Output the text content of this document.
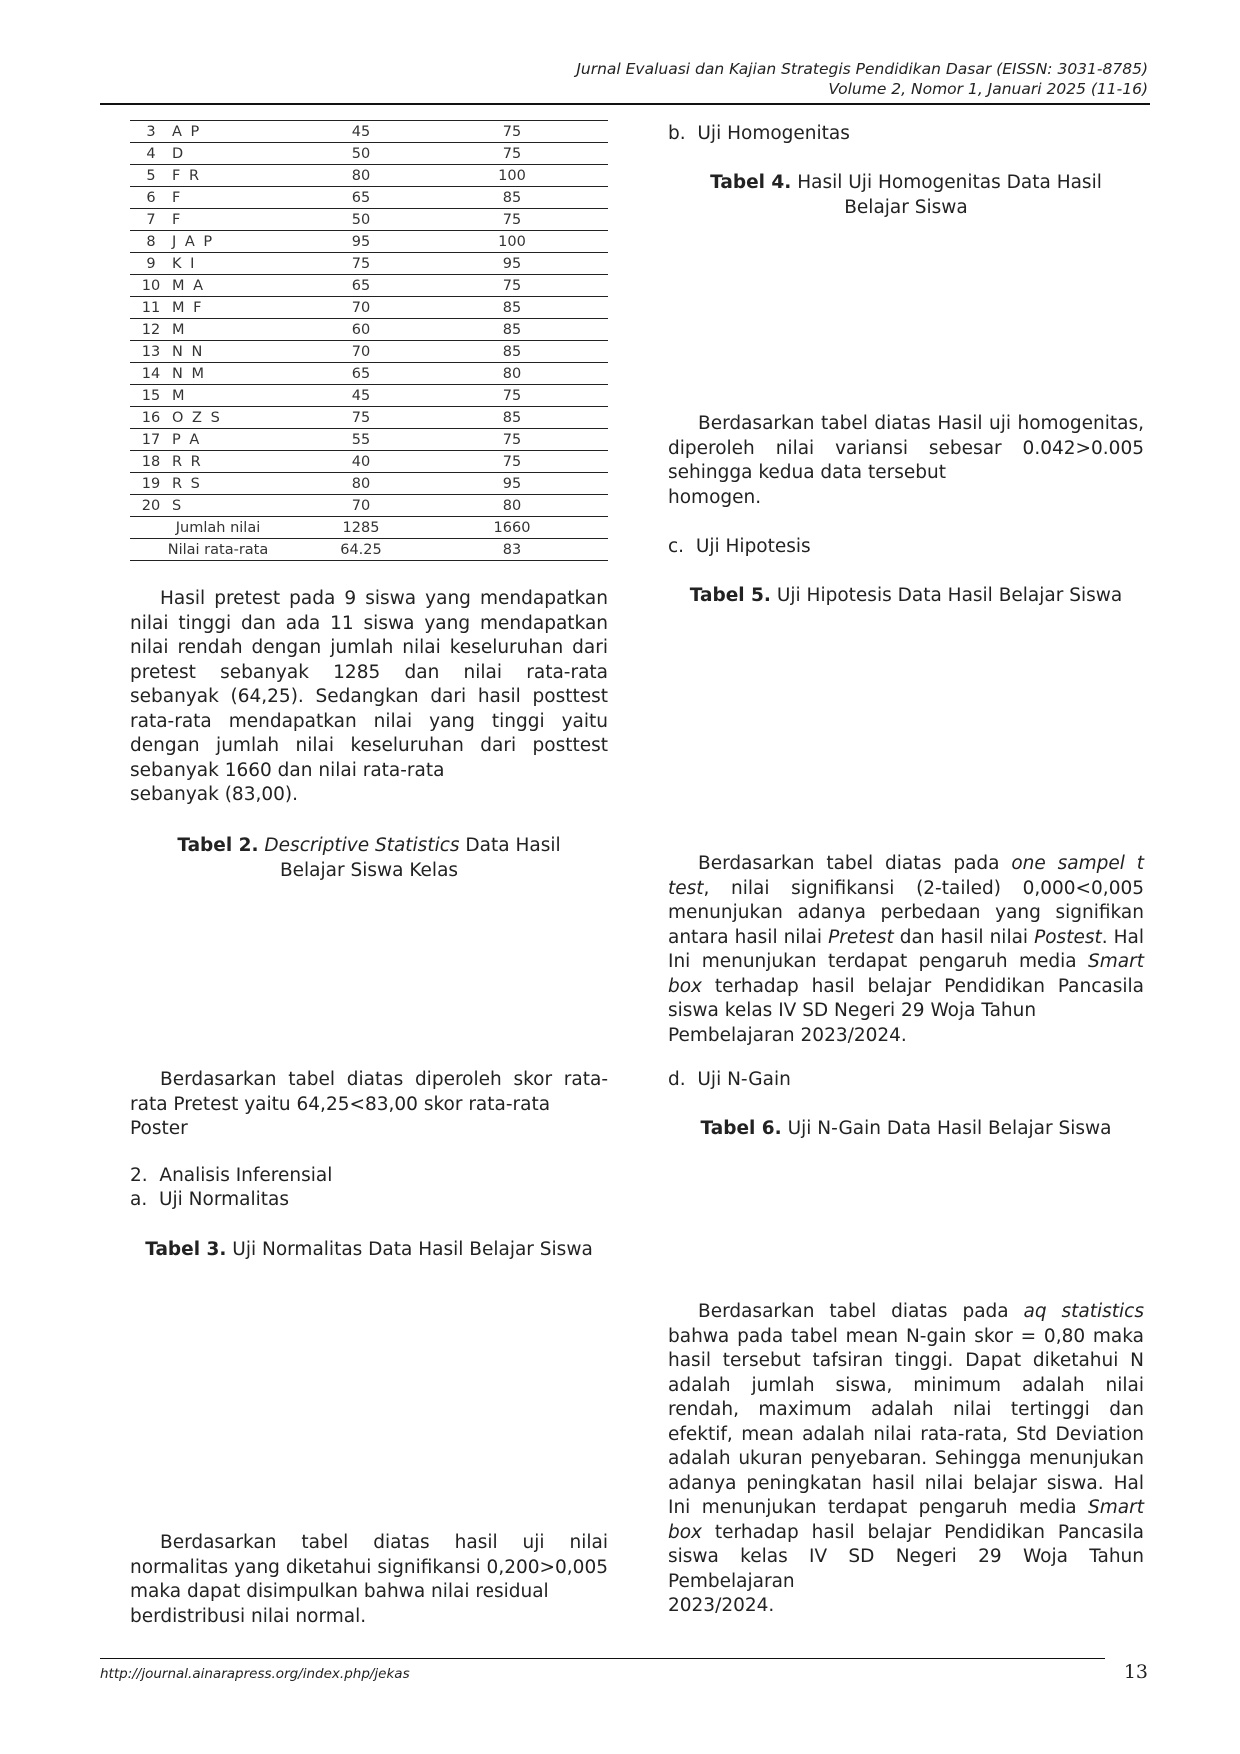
Jurnal Evaluasi dan Kajian Strategis Pendidikan Dasar (EISSN: 3031-8785)
Volume 2, Nomor 1, Januari 2025 (11-16)
3	A P	45	75
4	D	50	75
5	F R	80	100
6	F	65	85
7	F	50	75
8	J A P	95	100
9	K I	75	95
10	M A	65	75
11	M F	70	85
12	M	60	85
13	N N	70	85
14	N M	65	80
15	M	45	75
16	O Z S	75	85
17	P A	55	75
18	R R	40	75
19	R S	80	95
20	S	70	80
Jumlah nilai		1285	1660
Nilai rata-rata		64.25	83
Hasil pretest pada 9 siswa yang mendapatkan nilai tinggi dan ada 11 siswa yang mendapatkan nilai rendah dengan jumlah nilai keseluruhan dari pretest sebanyak 1285 dan nilai rata-rata sebanyak (64,25). Sedangkan dari hasil posttest rata-rata mendapatkan nilai yang tinggi yaitu dengan jumlah nilai keseluruhan dari posttest sebanyak 1660 dan nilai rata-rata
sebanyak (83,00).
Tabel 2. Descriptive Statistics Data Hasil
Belajar Siswa Kelas
Berdasarkan tabel diatas diperoleh skor rata-rata Pretest yaitu 64,25<83,00 skor rata-rata
Poster
2.  Analisis Inferensial
a.  Uji Normalitas
Tabel 3. Uji Normalitas Data Hasil Belajar Siswa
Berdasarkan tabel diatas hasil uji nilai normalitas yang diketahui signifikansi 0,200>0,005 maka dapat disimpulkan bahwa nilai residual
berdistribusi nilai normal.
b.  Uji Homogenitas
Tabel 4. Hasil Uji Homogenitas Data Hasil
Belajar Siswa
Berdasarkan tabel diatas Hasil uji homogenitas, diperoleh nilai variansi sebesar 0.042>0.005 sehingga kedua data tersebut
homogen.
c.  Uji Hipotesis
Tabel 5. Uji Hipotesis Data Hasil Belajar Siswa
Berdasarkan tabel diatas pada one sampel t test, nilai signifikansi (2-tailed) 0,000<0,005 menunjukan adanya perbedaan yang signifikan antara hasil nilai Pretest dan hasil nilai Postest. Hal Ini menunjukan terdapat pengaruh media Smart box terhadap hasil belajar Pendidikan Pancasila siswa kelas IV SD Negeri 29 Woja Tahun
Pembelajaran 2023/2024.
d.  Uji N-Gain
Tabel 6. Uji N-Gain Data Hasil Belajar Siswa
Berdasarkan tabel diatas pada aq statistics bahwa pada tabel mean N-gain skor = 0,80 maka hasil tersebut tafsiran tinggi. Dapat diketahui N adalah jumlah siswa, minimum adalah nilai rendah, maximum adalah nilai tertinggi dan efektif, mean adalah nilai rata-rata, Std Deviation adalah ukuran penyebaran. Sehingga menunjukan adanya peningkatan hasil nilai belajar siswa. Hal Ini menunjukan terdapat pengaruh media Smart box terhadap hasil belajar Pendidikan Pancasila siswa kelas IV SD Negeri 29 Woja Tahun Pembelajaran
2023/2024.
http://journal.ainarapress.org/index.php/jekas	13
